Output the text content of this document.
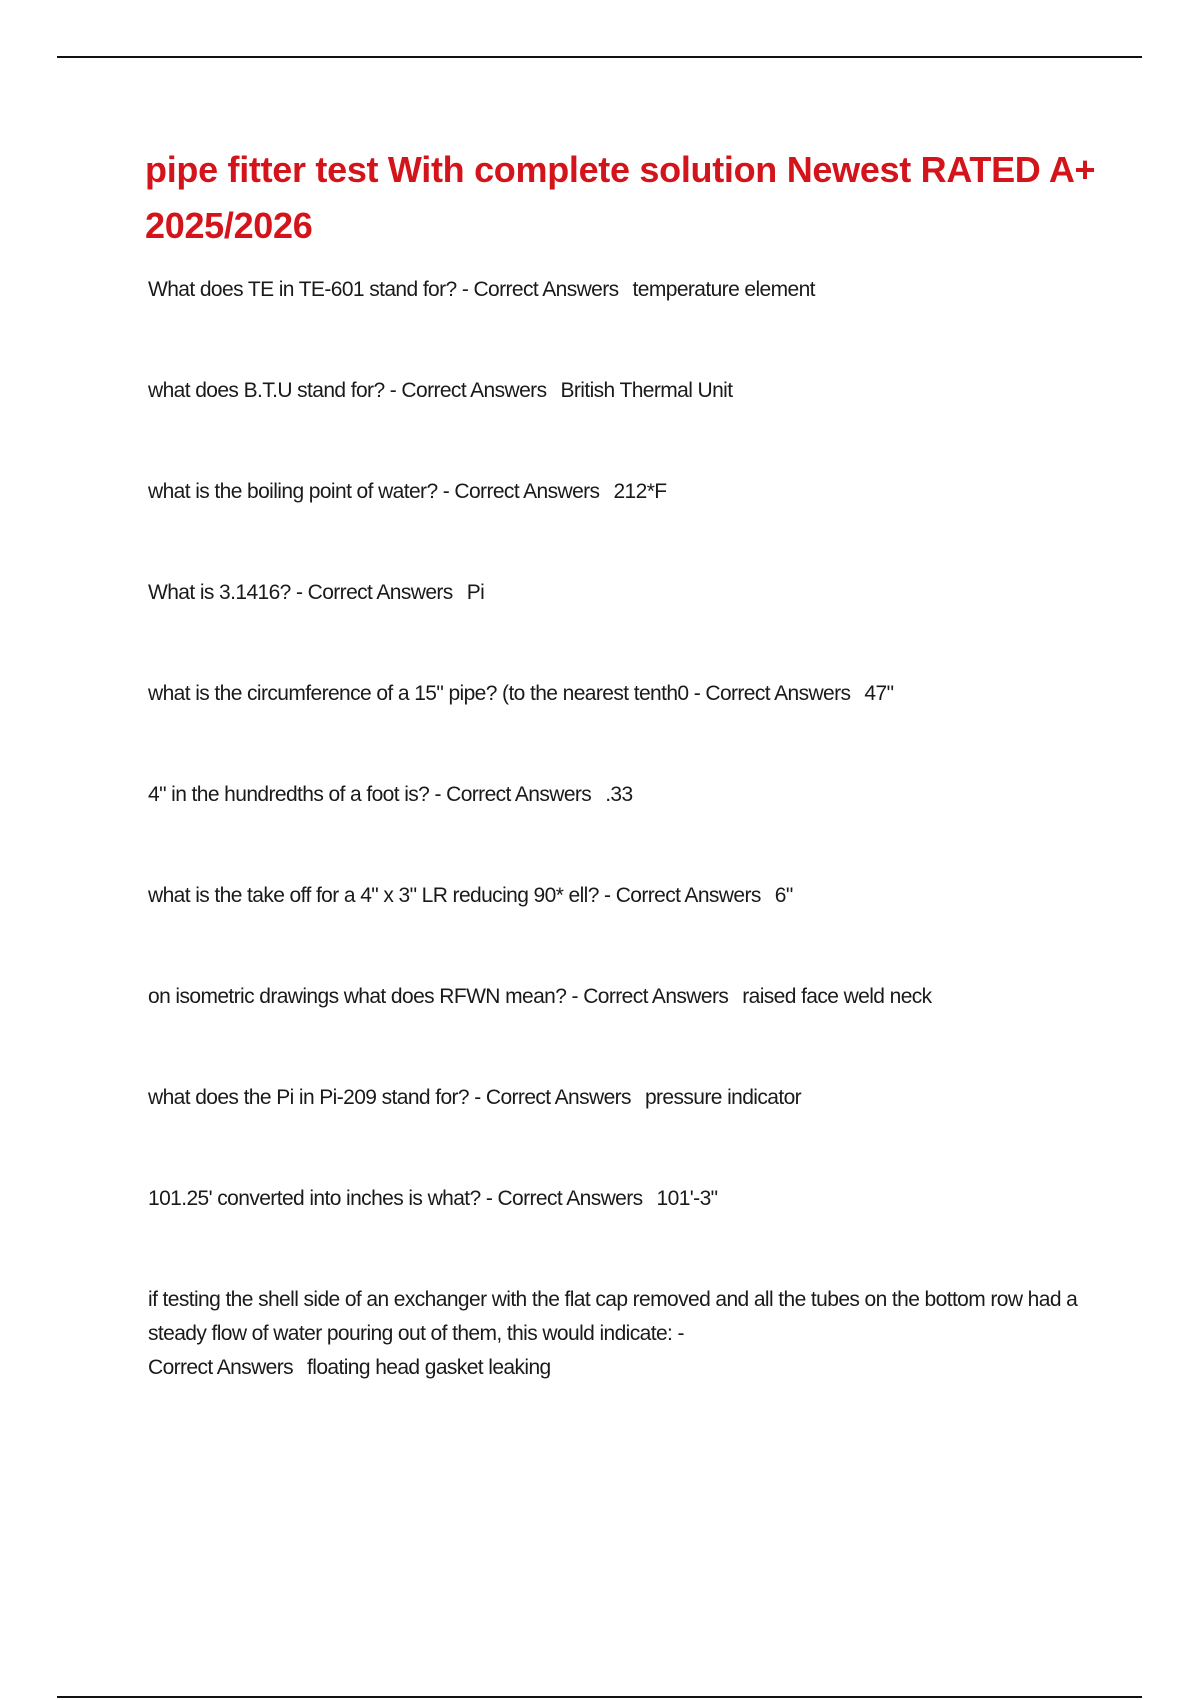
pipe fitter test With complete solution Newest RATED A+ 2025/2026
What does TE in TE-601 stand for? - Correct Answers temperature element
what does B.T.U stand for? - Correct Answers British Thermal Unit
what is the boiling point of water? - Correct Answers 212*F
What is 3.1416? - Correct Answers Pi
what is the circumference of a 15" pipe? (to the nearest tenth0 - Correct Answers 47"
4" in the hundredths of a foot is? - Correct Answers .33
what is the take off for a 4" x 3" LR reducing 90* ell? - Correct Answers 6"
on isometric drawings what does RFWN mean? - Correct Answers raised face weld neck
what does the Pi in Pi-209 stand for? - Correct Answers pressure indicator
101.25' converted into inches is what? - Correct Answers 101'-3"
if testing the shell side of an exchanger with the flat cap removed and all the tubes on the bottom row had a steady flow of water pouring out of them, this would indicate: -
Correct Answers floating head gasket leaking
